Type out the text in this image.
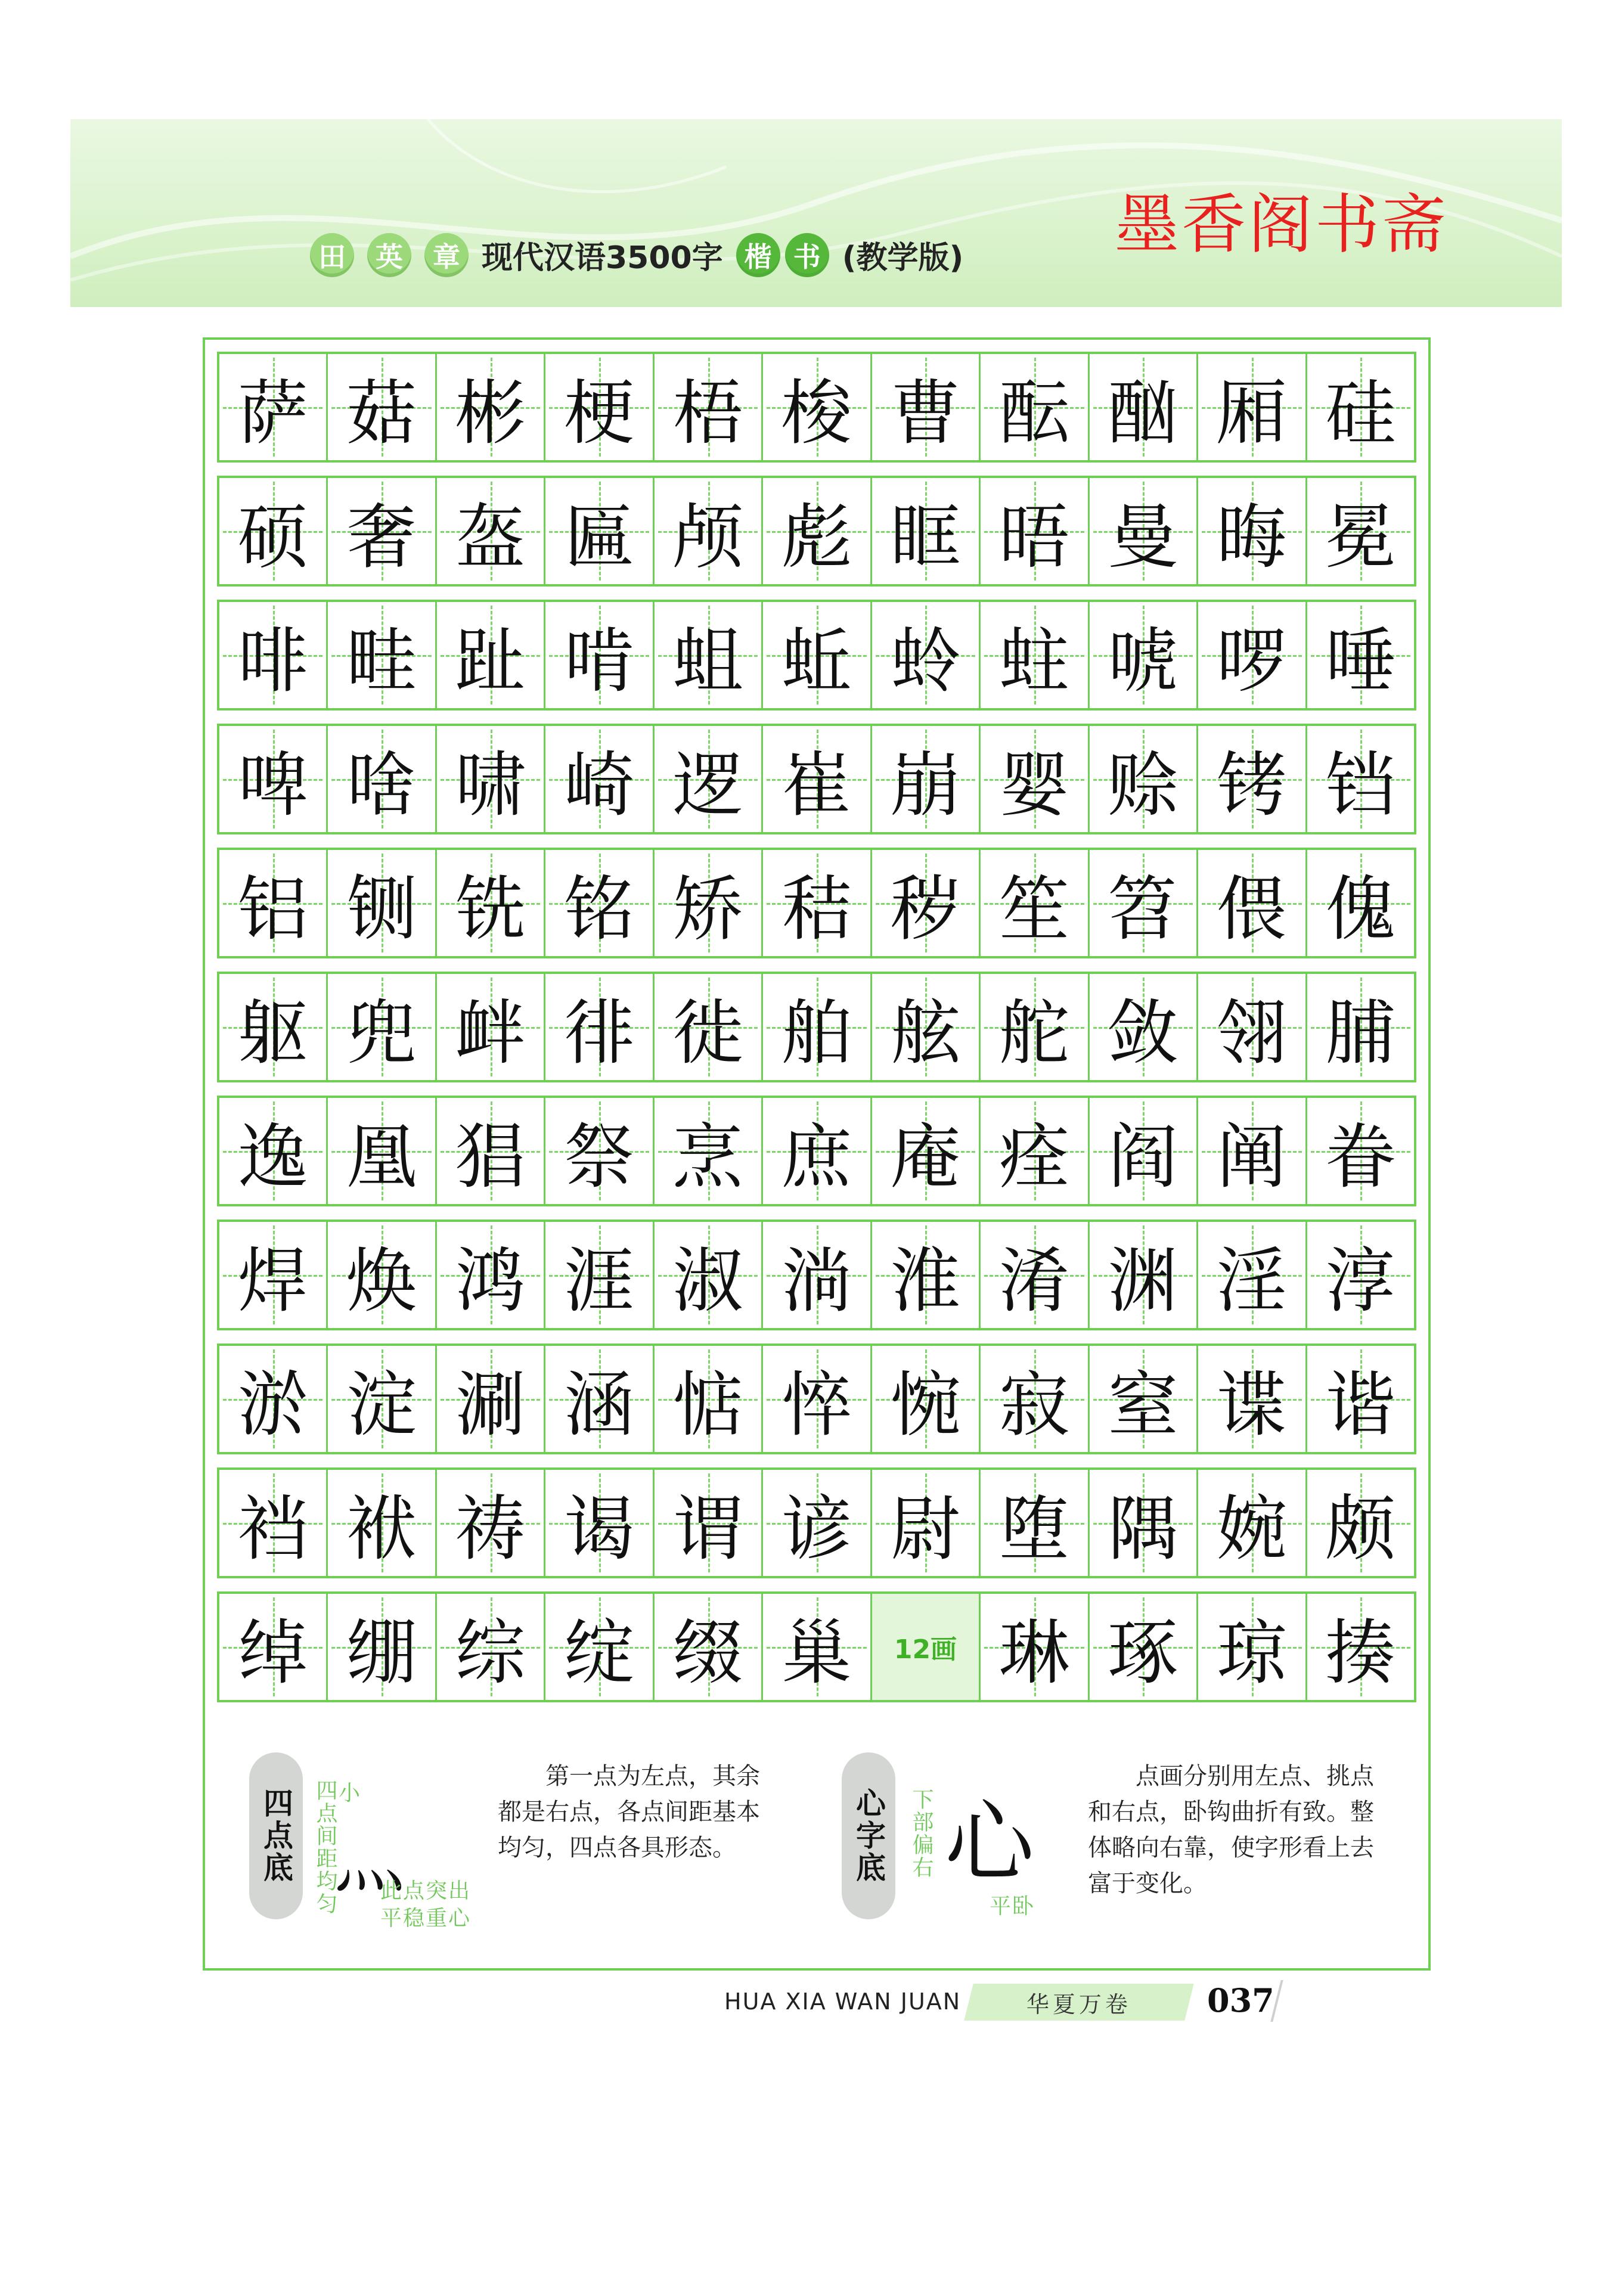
田	英	章 现代汉语3500字 楷 书 (教学版) 墨香阁书斋
萨 菇 彬 梗 梧 梭 曹 酝 酗 厢 硅
硕 奢 盔 匾 颅 彪 眶 晤 曼 晦 冕
啡 畦 趾 啃 蛆 蚯 蛉 蛀 唬 啰 唾
啤 啥 啸 崎 逻 崔 崩 婴 赊 铐 铛
铝 铡 铣 铭 矫 秸 秽 笙 笤 偎 傀
躯 兜 衅 徘 徙 舶 舷 舵 敛 翎 脯
逸 凰 猖 祭 烹 庶 庵 痊 阎 阐 眷
焊 焕 鸿 涯 淑 淌 淮 淆 渊 淫 淳
淤 淀 涮 涵 惦 悴 惋 寂 窒 谍 谐
裆 袱 祷 谒 谓 谚 尉 堕 隅 婉 颇
绰 绷 综 绽 缀 巢 12画 琳 琢 琼 揍
四点底 四点间距均匀 小
灬
此点突出平稳重心
第一点为左点，其余都是右点，各点间距基本均匀，四点各具形态。	心字底 下部偏右 心
平卧
点画分别用左点、挑点和右点，卧钩曲折有致。整体略向右靠，使字形看上去富于变化。
HUA XIA WAN JUAN	华夏万卷 037
